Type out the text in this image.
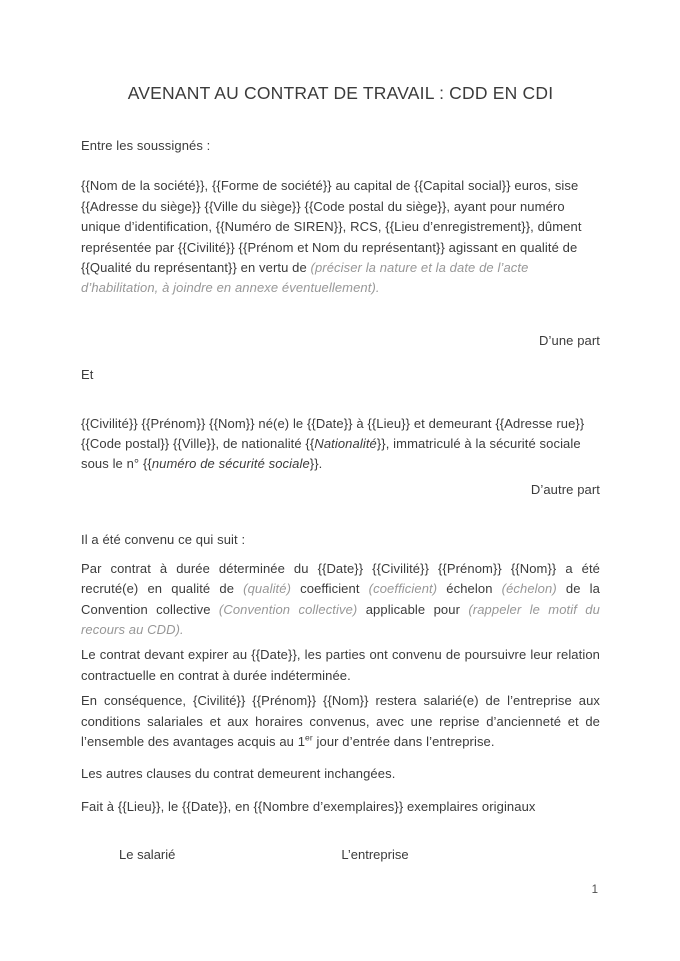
AVENANT AU CONTRAT DE TRAVAIL : CDD EN CDI

Entre les soussignés :

{{Nom de la société}}, {{Forme de société}} au capital de {{Capital social}} euros, sise {{Adresse du siège}} {{Ville du siège}} {{Code postal du siège}}, ayant pour numéro unique d’identification, {{Numéro de SIREN}}, RCS, {{Lieu d’enregistrement}}, dûment représentée par {{Civilité}} {{Prénom et Nom du représentant}} agissant en qualité de {{Qualité du représentant}} en vertu de (préciser la nature et la date de l’acte d’habilitation, à joindre en annexe éventuellement).

D’une part

Et

{{Civilité}} {{Prénom}} {{Nom}} né(e) le {{Date}} à {{Lieu}} et demeurant {{Adresse rue}} {{Code postal}} {{Ville}}, de nationalité {{Nationalité}}, immatriculé à la sécurité sociale sous le n° {{numéro de sécurité sociale}}.

D’autre part

Il a été convenu ce qui suit :

Par contrat à durée déterminée du {{Date}} {{Civilité}} {{Prénom}} {{Nom}} a été recruté(e) en qualité de (qualité) coefficient (coefficient) échelon (échelon) de la Convention collective (Convention collective) applicable pour (rappeler le motif du recours au CDD).

Le contrat devant expirer au {{Date}}, les parties ont convenu de poursuivre leur relation contractuelle en contrat à durée indéterminée.

En conséquence, {Civilité}} {{Prénom}} {{Nom}} restera salarié(e) de l’entreprise aux conditions salariales et aux horaires convenus, avec une reprise d’ancienneté et de l’ensemble des avantages acquis au 1er jour d’entrée dans l’entreprise.

Les autres clauses du contrat demeurent inchangées.

Fait à {{Lieu}}, le {{Date}}, en {{Nombre d’exemplaires}} exemplaires originaux

Le salarié	L’entreprise
1
